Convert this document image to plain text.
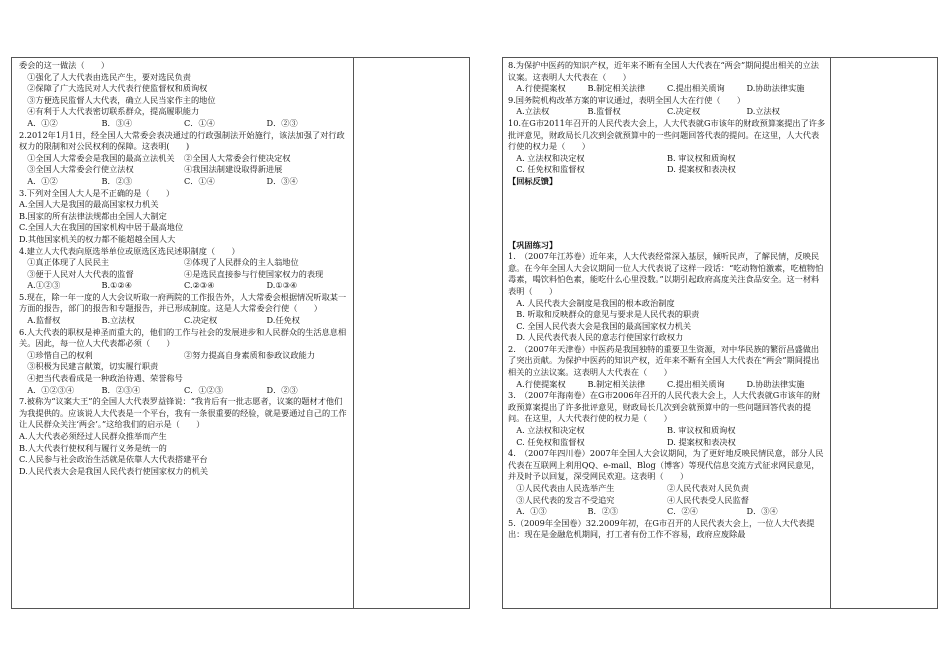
委会的这一做法（　　）
　①强化了人大代表由选民产生，要对选民负责
　②保障了广大选民对人大代表行使监督权和质询权
　③方便选民监督人大代表，确立人民当家作主的地位
　④有利于人大代表密切联系群众，提高履职能力
　A．①②	B．③④	C．①④	D．②③
2.2012年1月1日，经全国人大常委会表决通过的行政强制法开始施行，该法加强了对行政权力的限制和对公民权利的保障。这表明(　　)
　①全国人大常委会是我国的最高立法机关	②全国人大常委会行使决定权
　③全国人大常委会行使立法权	④我国法制建设取得新进展
　A．①②	B．②③	C．①④	D．③④
3.下列对全国人大人是不正确的是（　　）
A.全国人大是我国的最高国家权力机关
B.国家的所有法律法规都由全国人大制定
C.全国人大在我国的国家机构中居于最高地位
D.其他国家机关的权力都不能超越全国人大
4.建立人大代表向原选举单位或原选区选民述职制度（　　）
　①真正体现了人民民主	②体现了人民群众的主人翁地位
　③便于人民对人大代表的监督	④是选民直接参与行使国家权力的表现
　A.①②③	B.①②④	C.②③④	D.①③④
5.现在，除一年一度的人大会议听取一府两院的工作报告外，人大常委会根据情况听取某一方面的报告，部门的报告和专题报告，并已形成制度。这是人大常委会行使（　　）
　A.监督权	B.立法权	C.决定权	D.任免权
6.人大代表的职权是神圣而重大的，他们的工作与社会的发展进步和人民群众的生活息息相关。因此，每一位人大代表都必须（　　）
　①珍惜自己的权利	②努力提高自身素质和参政议政能力
　③积极为民建言献策，切实履行职责
　④把当代表看成是一种政治待遇、荣誉称号
　A．①②③④	B．②③④	C．①②③	D．②③
7.被称为“议案大王”的全国人大代表罗益锋说：“我肯后有一批志愿者，议案的题材才他们为我提供的。应该说人大代表是一个平台，我有一条很重要的经验，就是要通过自己的工作让人民群众关注‘两会’。”这给我们的启示是（　　）
A.人大代表必须经过人民群众推举而产生
B.人大代表行使权利与履行义务是统一的
C.人民参与社会政治生活就是依靠人大代表搭建平台
D.人民代表大会是我国人民代表行使国家权力的机关
8.为保护中医药的知识产权，近年来不断有全国人大代表在“两会”期间提出相关的立法议案。这表明人大代表在（　　）
　A.行使提案权	B.制定相关法律	C.提出相关质询	D.协助法律实施
9.国务院机构改革方案的审议通过，表明全国人大在行使（　　）
　A.立法权	B.监督权	C.决定权	D.立法权
10.在G市2011年召开的人民代表大会上，人大代表就G市该年的财政预算案提出了许多批评意见，财政局长几次到会就预算中的一些问题回答代表的提问。在这里，人大代表行使的权力是（　　）
　A. 立法权和决定权	B. 审议权和质询权
　C. 任免权和监督权	D. 提案权和表决权
【回标反馈】
【巩固练习】
1.　（2007年江苏卷）近年来，人大代表经常深入基层，倾听民声，了解民情，反映民意。在今年全国人大会议期间一位人大代表说了这样一段话：“吃动物怕激素，吃植物怕毒素，喝饮料怕色素，能吃什么心里没数。”以期引起政府高度关注食品安全。这一材料表明（　　）
　A. 人民代表大会制度是我国的根本政治制度
　B. 听取和反映群众的意见与要求是人民代表的职责
　C. 全国人民代表大会是我国的最高国家权力机关
　D. 人民代表代表人民的意志行使国家行政权力
2.　（2007年天津卷）中医药是我国独特的重要卫生资源，对中华民族的繁衍昌盛做出了突出贡献。为保护中医药的知识产权，近年来不断有全国人大代表在“两会”期间提出相关的立法议案。这表明人大代表在（　　）
　A.行使提案权	B.制定相关法律	C.提出相关质询	D.协助法律实施
3.　（2007年海南卷）在G市2006年召开的人民代表大会上，人大代表就G市该年的财政预算案提出了许多批评意见，财政局长几次到会就预算中的一些问题回答代表的提问。在这里，人大代表行使的权力是（　　）
　A. 立法权和决定权	B. 审议权和质询权
　C. 任免权和监督权	D. 提案权和表决权
4.　（2007年四川卷）2007年全国人大会议期间，为了更好地反映民情民意，部分人民代表在互联网上利用QQ、e-mail、Blog（博客）等现代信息交流方式征求网民意见，并及时予以回复，深受网民欢迎。这表明（　　）
　①人民代表由人民选举产生	②人民代表对人民负责
　③人民代表的发言不受追究	④人民代表受人民监督
　A．①③	B．②③	C．②④	D．③④
5.（2009年全国卷）32.2009年初，在G市召开的人民代表大会上，一位人大代表提出：现在是金融危机期间，打工者有份工作不容易，政府应废除最
